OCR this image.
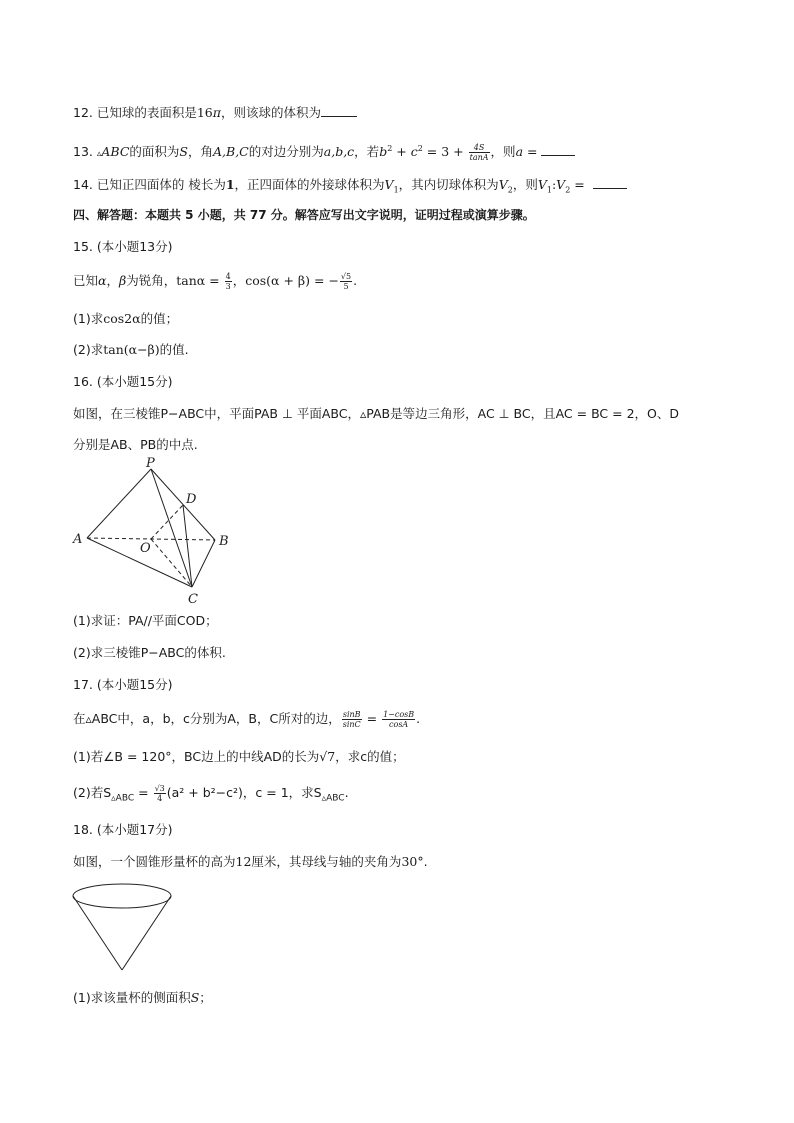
12. 已知球的表面积是16π，则该球的体积为
13. ▵ABC的面积为S，角A,B,C的对边分别为a,b,c，若$b^2 + c^2 = 3 + \frac{4S}{\tan A}$ ，则a =
14. 已知正四面体的 棱长为1，正四面体的外接球体积为$V_1$，其内切球体积为$V_2$，则$V_1:V_2$ =
四、解答题：本题共 5 小题，共 77 分。解答应写出文字说明，证明过程或演算步骤。
15. (本小题13分)
已知α，β为锐角，$\tan\alpha = \frac{4}{3}$ ，cos(α + β) = − $\frac{√5}{5}$ .
(1)求cos2α的值；
(2)求tan(α−β)的值.
16. (本小题15分)
如图，在三棱锥P−ABC中，平面PAB ⊥ 平面ABC，▵PAB是等边三角形，AC ⊥ BC，且AC = BC = 2，O、D
分别是AB、PB的中点.
P
D
A
O	B
C
(1)求证：PA//平面COD；
(2)求三棱锥P−ABC的体积.
17. (本小题15分)
在▵ABC中，a，b，c分别为A，B，C所对的边， $\frac{\sin B}{\sin C} = \frac{1-\cos B}{\cos A}$ .
(1)若∠B = 120°，BC边上的中线AD的长为√7，求c的值；
(2)若$S_{▵ABC} = \frac{√3}{4} (a^2 + b^2-c^2)$，c = 1，求$S_{▵ABC}$.
18. (本小题17分)
如图，一个圆锥形量杯的高为12厘米，其母线与轴的夹角为30°.
(1)求该量杯的侧面积S；
